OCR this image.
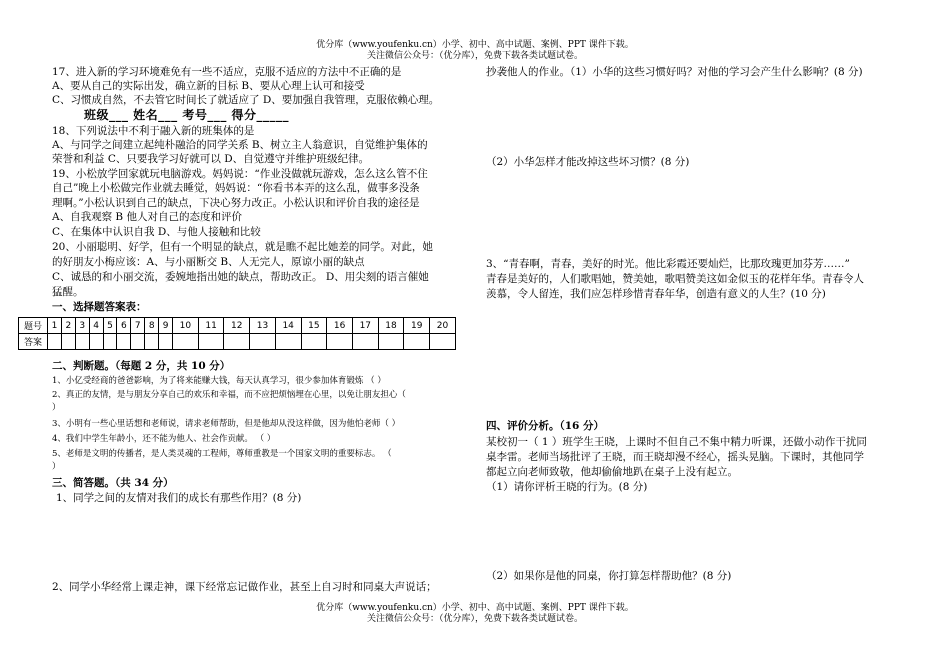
优分库（www.youfenku.cn）小学、初中、高中试题、案例、PPT 课件下载。
关注微信公众号：（优分库），免费下载各类试题试卷。
17、进入新的学习环境难免有一些不适应，克服不适应的方法中不正确的是
A、要从自己的实际出发，确立新的目标 B、要从心理上认可和接受
C、习惯成自然，不去管它时间长了就适应了 D、要加强自我管理，克服依赖心理。
班级___ 姓名___ 考号___ 得分_____
18、下列说法中不利于融入新的班集体的是
A、与同学之间建立起纯朴融洽的同学关系 B、树立主人翁意识，自觉维护集体的
荣誉和利益 C、只要我学习好就可以 D、自觉遵守并维护班级纪律。
19、小松放学回家就玩电脑游戏。妈妈说：“作业没做就玩游戏，怎么这么管不住
自己”晚上小松做完作业就去睡觉，妈妈说：“你看书本弄的这么乱，做事多没条
理啊。”小松认识到自己的缺点，下决心努力改正。小松认识和评价自我的途径是
A、自我观察 B 他人对自己的态度和评价
C、在集体中认识自我 D、与他人接触和比较
20、小丽聪明、好学，但有一个明显的缺点，就是瞧不起比她差的同学。对此，她
的好朋友小梅应该：A、与小丽断交 B、人无完人，原谅小丽的缺点
C、诚恳的和小丽交流，委婉地指出她的缺点，帮助改正。 D、用尖刻的语言催她
猛醒。
一、选择题答案表：
题号	1	2	3	4	5	6	7	8	9	10	11	12	13	14	15	16	17	18	19	20
答案																				
二、判断题。（每题 2 分，共 10 分）
1、小亿受经商的爸爸影响，为了将来能赚大钱，每天认真学习，很少参加体育锻炼 （ ）
2、真正的友情，是与朋友分享自己的欢乐和幸福，而不应把烦恼埋在心里，以免让朋友担心（
）
3、小明有一些心里话想和老师说，请求老师帮助，但是他却从没这样做，因为他怕老师（ ）
4、我们中学生年龄小，还不能为他人、社会作贡献。 （ ）
5、老师是文明的传播者，是人类灵魂的工程师，尊师重教是一个国家文明的重要标志。 （
）
三、简答题。（共 34 分）
1、同学之间的友情对我们的成长有那些作用？(8 分)
2、同学小华经常上课走神，课下经常忘记做作业，甚至上自习时和同桌大声说话；
抄袭他人的作业。（1）小华的这些习惯好吗？对他的学习会产生什么影响？(8 分)
（2）小华怎样才能改掉这些坏习惯？(8 分)
3、“青春啊，青春，美好的时光。他比彩霞还要灿烂，比那玫瑰更加芬芳……”
青春是美好的，人们歌唱她，赞美她，歌唱赞美这如金似玉的花样年华。青春令人
羡慕，令人留连，我们应怎样珍惜青春年华，创造有意义的人生？(10 分)
四、评价分析。（16 分）
某校初一（ 1 ）班学生王晓，上课时不但自己不集中精力听课，还做小动作干扰同
桌李雷。老师当场批评了王晓，而王晓却漫不经心，摇头晃脑。下课时，其他同学
都起立向老师致敬，他却偷偷地趴在桌子上没有起立。
（1）请你评析王晓的行为。(8 分)
（2）如果你是他的同桌，你打算怎样帮助他？(8 分)
优分库（www.youfenku.cn）小学、初中、高中试题、案例、PPT 课件下载。
关注微信公众号：（优分库），免费下载各类试题试卷。
